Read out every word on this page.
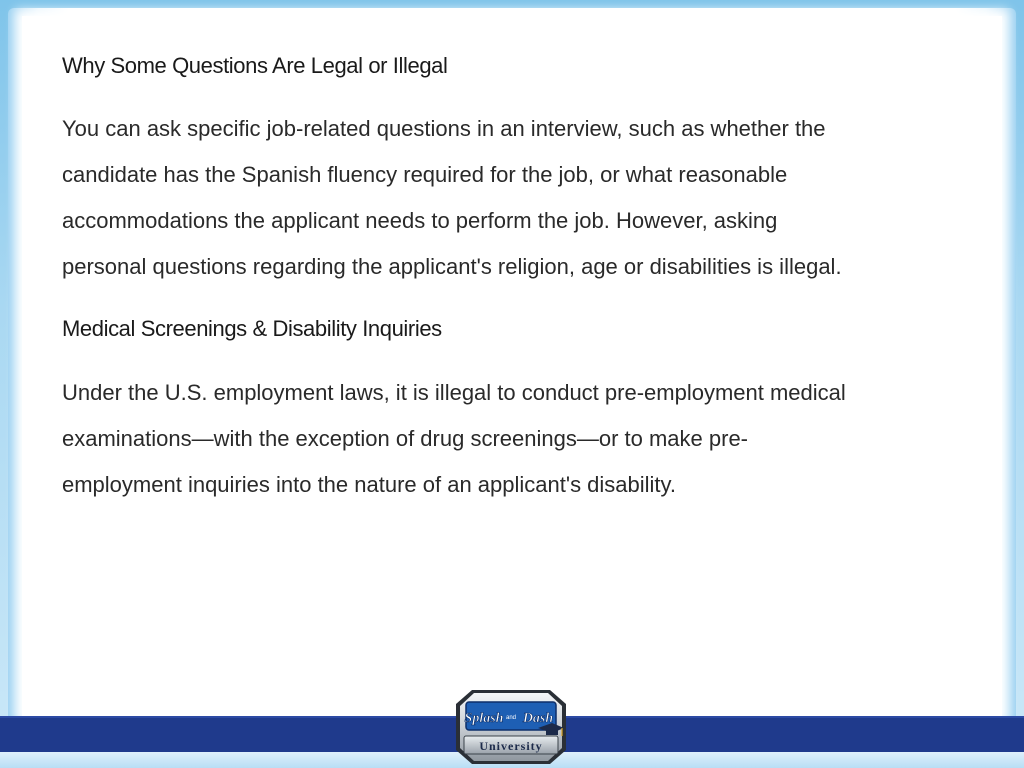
Why Some Questions Are Legal or Illegal

You can ask specific job-related questions in an interview, such as whether the

candidate has the Spanish fluency required for the job, or what reasonable

accommodations the applicant needs to perform the job. However, asking

personal questions regarding the applicant's religion, age or disabilities is illegal.

Medical Screenings & Disability Inquiries

Under the U.S. employment laws, it is illegal to conduct pre-employment medical

examinations—with the exception of drug screenings—or to make pre-

employment inquiries into the nature of an applicant's disability.

Splash and Dash
University
